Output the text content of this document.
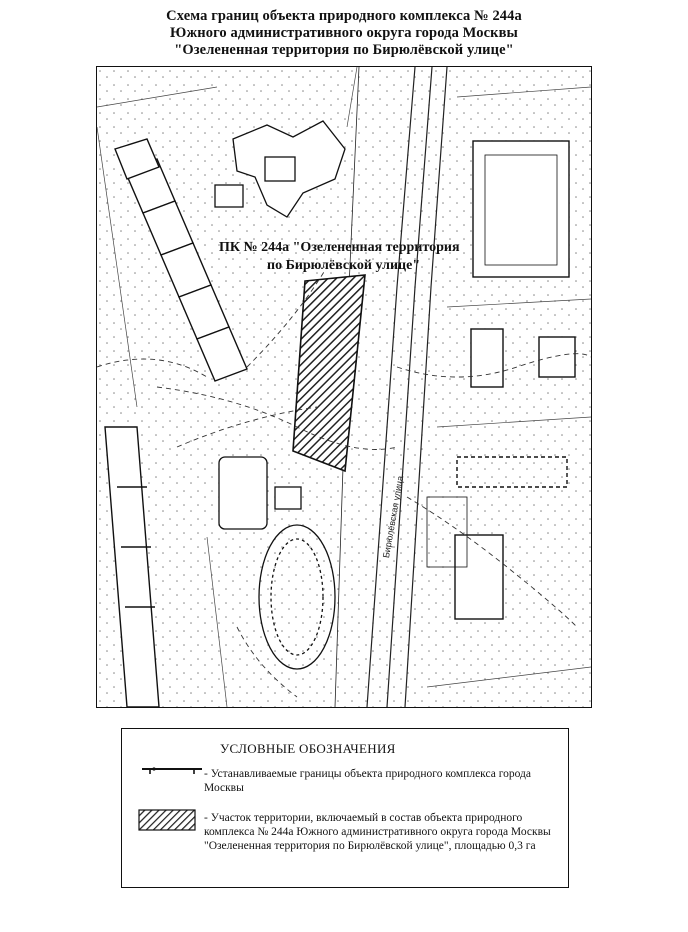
Схема границ объекта природного комплекса № 244а
Южного административного округа города Москвы
"Озелененная территория по Бирюлёвской улице"
ПК № 244а "Озелененная территория
по Бирюлёвской улице"
Бирюлёвская улица
УСЛОВНЫЕ ОБОЗНАЧЕНИЯ
- Устанавливаемые границы объекта природного комплекса города Москвы
- Участок территории, включаемый в состав объекта природного комплекса № 244а Южного административного округа города Москвы "Озелененная территория по Бирюлёвской улице", площадью 0,3 га
